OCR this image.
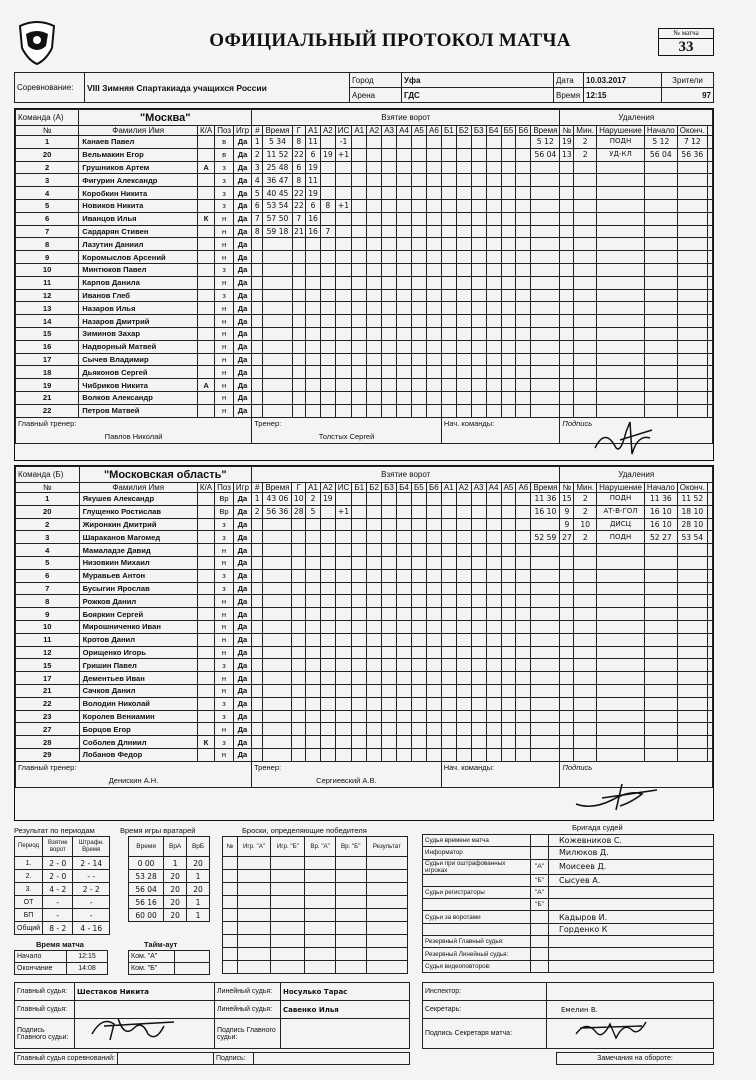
ОФИЦИАЛЬНЫЙ ПРОТОКОЛ МАТЧА	№ матча
33
Соревнование:	VIII Зимняя Спартакиада учащихся России	Город	Уфа	Дата	10.03.2017	Зрители
		Арена	ГДС	Время	12:15	97
Команда (А)	"Москва"				Взятие ворот																			Удаления					
№	Фамилия Имя	К/А	Поз	Игр	#	Время	Г	А1	А2	ИС	А1	А2	А3	А4	А5	А6	Б1	Б2	Б3	Б4	Б5	Б6	Время	№	Мин.	Нарушение	Начало	Оконч.	
1	Канаев Павел		в	Да	1	5 34	8	11		-1													5 12	19	2	ПОДН	5 12	7 12	
20	Вельмакин Егор		в	Да	2	11 52	22	6	19	+1													56 04	13	2	УД-КЛ	56 04	56 36	
2	Грушников Артем	А	з	Да	3	25 48	6	19																					
3	Фигурин Александр		з	Да	4	36 47	8	11																					
4	Коробкин Никита		з	Да	5	40 45	22	19																					
5	Новиков Никита		з	Да	6	53 54	22	6	8	+1																			
6	Иванцов Илья	К	н	Да	7	57 50	7	16																					
7	Сардарян Стивен		н	Да	8	59 18	21	16	7																				
8	Лазутин Даниил		н	Да																									
9	Коромыслов Арсений		н	Да																									
10	Минтюков Павел		з	Да																									
11	Карпов Данила		н	Да																									
12	Иванов Глеб		з	Да																									
13	Назаров Илья		н	Да																									
14	Назаров Дмитрий		н	Да																									
15	Зиминов Захар		н	Да																									
16	Надворный Матвей		н	Да																									
17	Сычев Владимир		н	Да																									
18	Дьяконов Сергей		н	Да																									
19	Чибриков Никита	А	н	Да																									
21	Волков Александр		н	Да																									
22	Петров Матвей		н	Да																									
Главный тренер:					Тренер:												Нач. команды:							Подпись					
Павлов Николай					Толстых Сергей																								
Команда (Б)	"Московская область"				Взятие ворот																			Удаления					
№	Фамилия Имя	К/А	Поз	Игр	#	Время	Г	А1	А2	ИС	Б1	Б2	Б3	Б4	Б5	Б6	А1	А2	А3	А4	А5	А6	Время	№	Мин.	Нарушение	Начало	Оконч.	
1	Якушев Александр		Вр	Да	1	43 06	10	2	19														11 36	15	2	ПОДН	11 36	11 52	
20	Глущенко Ростислав		Вр	Да	2	56 36	28	5		+1													16 10	9	2	АТ-В-ГОЛ	16 10	18 10	
2	Жиронкин Дмитрий		з	Да																				9	10	ДИСЦ	16 10	28 10	
3	Шараканов Магомед		з	Да																			52 59	27	2	ПОДН	52 27	53 54	
4	Мамаладзе Давид		н	Да																									
5	Низовкин Михаил		н	Да																									
6	Муравьев Антон		з	Да																									
7	Бусыгин Ярослав		з	Да																									
8	Рожков Данил		н	Да																									
9	Бояркин Сергей		н	Да																									
10	Мирошниченко Иван		н	Да																									
11	Кротов Данил		н	Да																									
12	Орищенко Игорь		н	Да																									
15	Гришин Павел		з	Да																									
17	Дементьев Иван		н	Да																									
21	Сачков Данил		н	Да																									
22	Володин Николай		з	Да																									
23	Королев Вениамин		з	Да																									
27	Борцов Егор		н	Да																									
28	Соболев Длниил	К	з	Да																									
29	Лобанов Федор		н	Да																									
Главный тренер:					Тренер:												Нач. команды:							Подпись					
Денискин А.Н.					Сергиевский А.В.																								
Результат по периодам
Период	Взятие ворот	Штрафн. Время
1.	2 - 0	2 - 14
2.	2 - 0	- -
3.	4 - 2	2 - 2
ОТ	-	-
БП	-	-
Общий	8 - 2	4 - 16
Время игры вратарей
Время	ВрА	ВрБ
0 00	1	20
53 28	20	1
56 04	20	20
56 16	20	1
60 00	20	1
Время матча
Начало	12:15
Окончание	14:08
Тайм-аут
Ком. "А"	
Ком. "Б"	
Броски, определяющие победителя
№	Игр. "А"	Игр. "Б"	Вр. "А"	Вр. "Б"	Результат

Бригада судей
Судья времени матча		Кожевников С.
Информатор		Милюков Д.
Судьи при оштрафованных игроках	"А"	Моисеев Д.
	"Б"	Сысуев А.
Судьи регистраторы	"А"	
	"Б"	
Судьи за воротами		Кадыров И.
		Горденко К
Резервный Главный судья:		
Резервный Линейный судья:		
Судья видеоповторов:		
Главный судья:	Шестаков Никита	Линейный судья:	Носулько Тарас
Главный судья:		Линейный судья:	Савенко Илья
Подпись Главного судьи:		Подпись Главного судьи:	
Инспектор:	
Секретарь:	Емелин В.
Подпись Секретаря матча:	
Главный судья соревнований:		Подпись:		Замечания на обороте:
